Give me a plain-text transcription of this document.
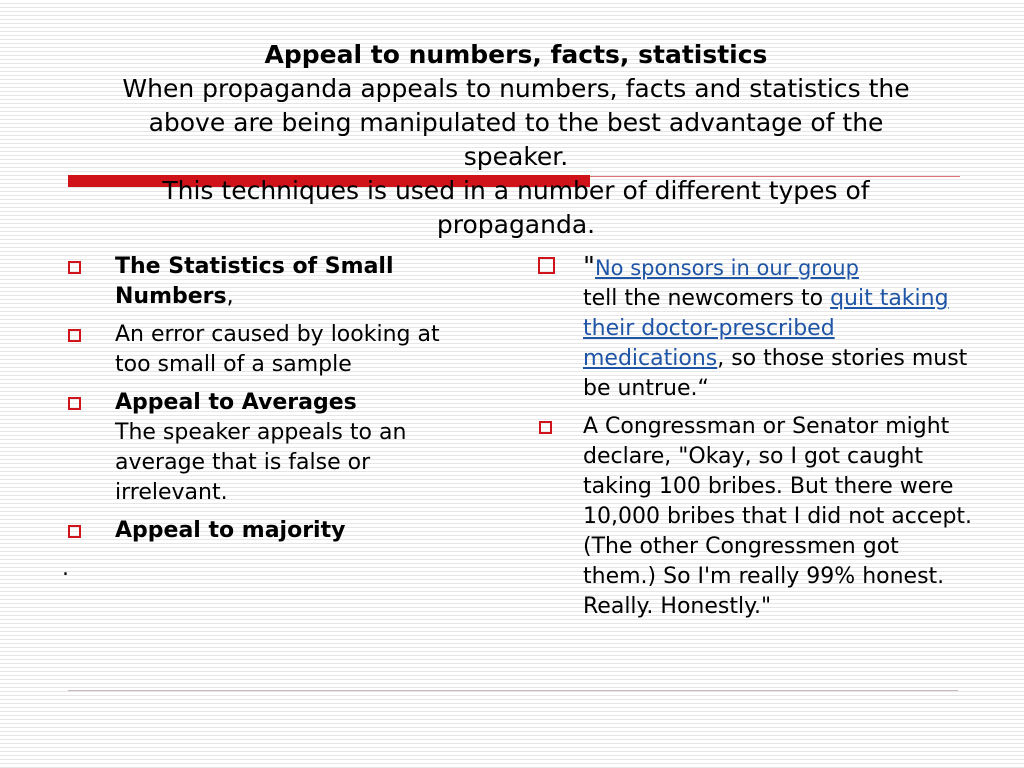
Appeal to numbers, facts, statistics
When propaganda appeals to numbers, facts and statistics the
above are being manipulated to the best advantage of the
speaker.
This techniques is used in a number of different types of
propaganda.
The Statistics of Small Numbers,
An error caused by looking at too small of a sample
Appeal to Averages
The speaker appeals to an average that is false or irrelevant.
Appeal to majority
.
"No sponsors in our group
tell the newcomers to quit taking their doctor-prescribed medications, so those stories must be untrue.“
A Congressman or Senator might declare, "Okay, so I got caught taking 100 bribes. But there were 10,000 bribes that I did not accept. (The other Congressmen got them.) So I'm really 99% honest. Really. Honestly."
